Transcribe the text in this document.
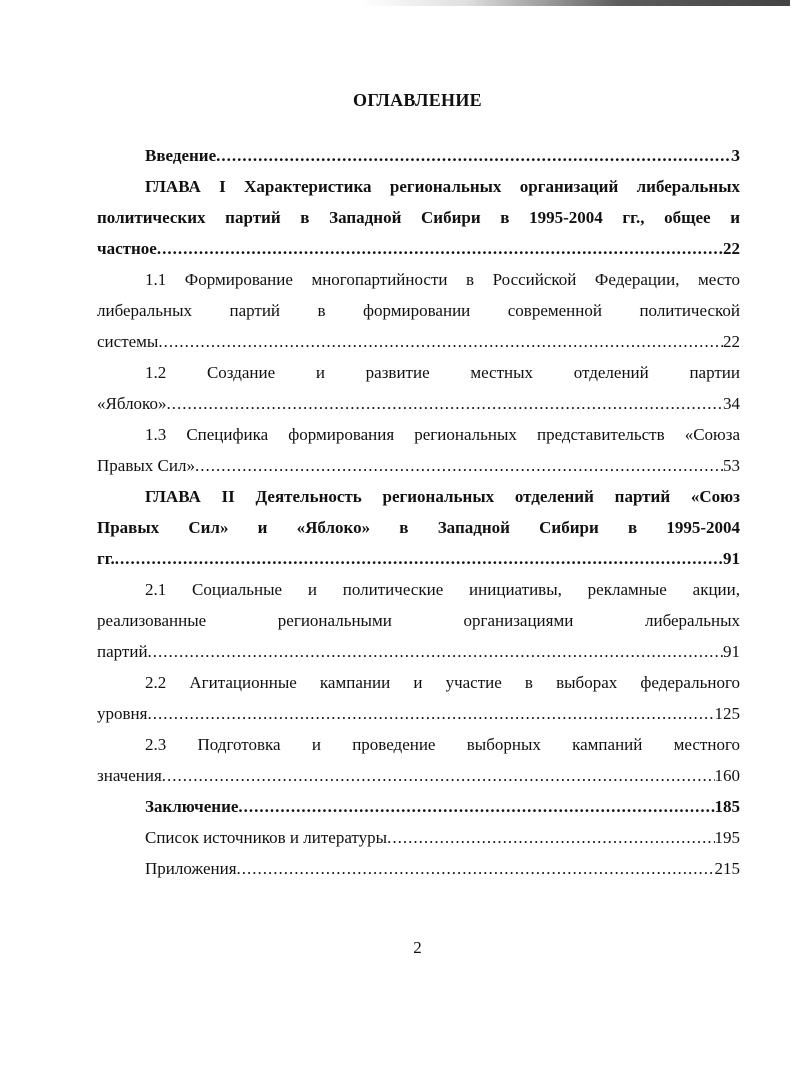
ОГЛАВЛЕНИЕ
Введение .....	3
ГЛАВА I Характеристика региональных организаций либеральных
политических партий в Западной Сибири в 1995-2004 гг., общее и
частное .....	22
1.1 Формирование многопартийности в Российской Федерации, место
либеральных партий в формировании современной политической
системы .....	22
1.2 Создание и развитие местных отделений партии
«Яблоко» .....	34
1.3 Специфика формирования региональных представительств «Союза
Правых Сил» .....	53
ГЛАВА II Деятельность региональных отделений партий «Союз
Правых Сил» и «Яблоко» в Западной Сибири в 1995-2004
гг. .....	91
2.1 Социальные и политические инициативы, рекламные акции,
реализованные региональными организациями либеральных
партий .....	91
2.2 Агитационные кампании и участие в выборах федерального
уровня .....	125
2.3 Подготовка и проведение выборных кампаний местного
значения .....	160
Заключение .....	185
Список источников и литературы .....	195
Приложения .....	215
2
